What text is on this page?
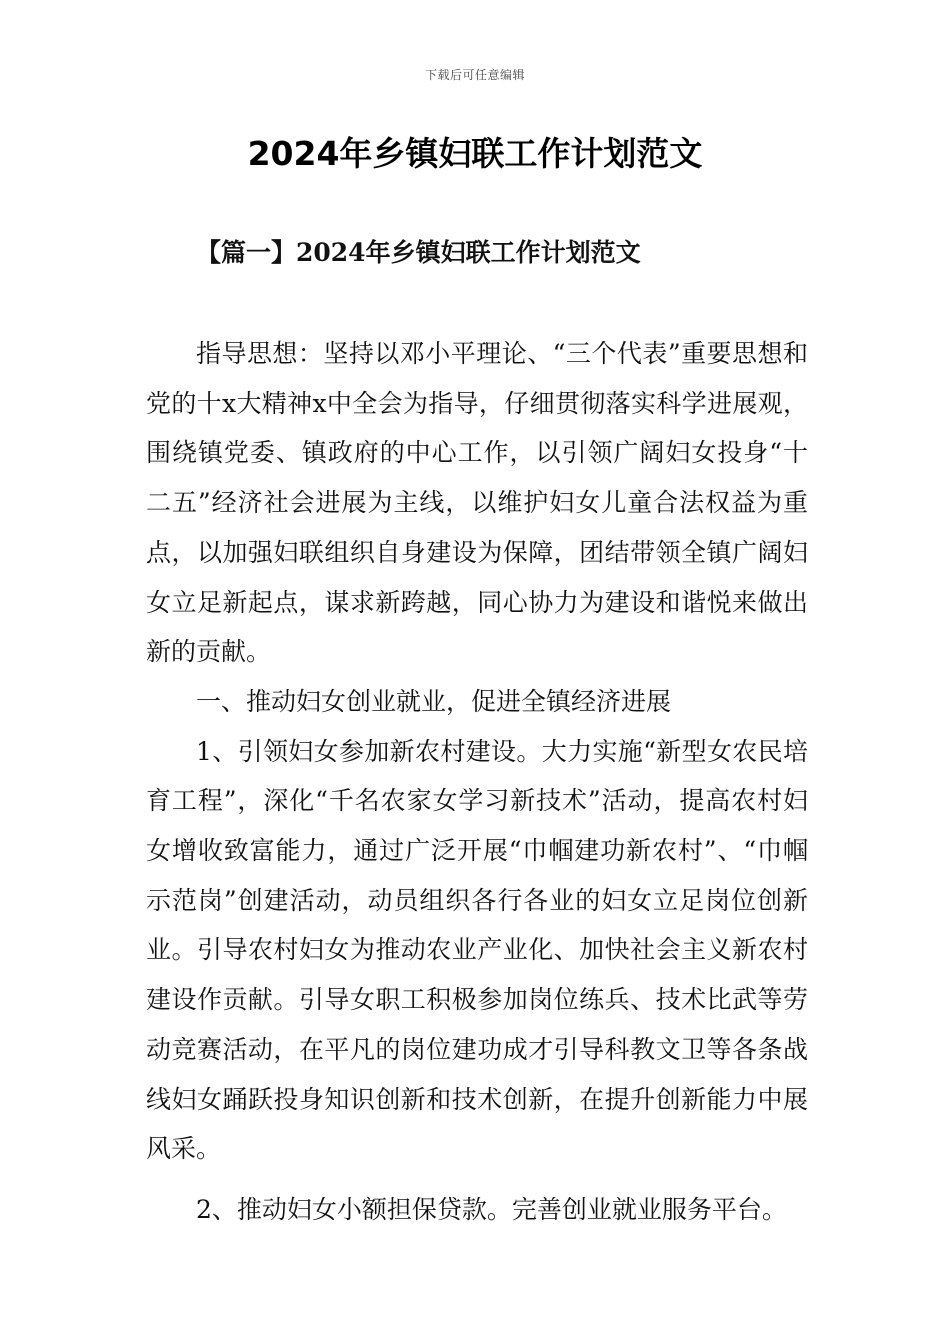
下载后可任意编辑
2024年乡镇妇联工作计划范文
【篇一】2024年乡镇妇联工作计划范文

指导思想：坚持以邓小平理论、“三个代表”重要思想和党的十x大精神x中全会为指导，仔细贯彻落实科学进展观，围绕镇党委、镇政府的中心工作，以引领广阔妇女投身“十二五”经济社会进展为主线，以维护妇女儿童合法权益为重点，以加强妇联组织自身建设为保障，团结带领全镇广阔妇女立足新起点，谋求新跨越，同心协力为建设和谐悦来做出新的贡献。

一、推动妇女创业就业，促进全镇经济进展

1、引领妇女参加新农村建设。大力实施“新型女农民培育工程”，深化“千名农家女学习新技术”活动，提高农村妇女增收致富能力，通过广泛开展“巾帼建功新农村”、“巾帼示范岗”创建活动，动员组织各行各业的妇女立足岗位创新业。引导农村妇女为推动农业产业化、加快社会主义新农村建设作贡献。引导女职工积极参加岗位练兵、技术比武等劳动竞赛活动，在平凡的岗位建功成才引导科教文卫等各条战线妇女踊跃投身知识创新和技术创新，在提升创新能力中展风采。

2、推动妇女小额担保贷款。完善创业就业服务平台。
